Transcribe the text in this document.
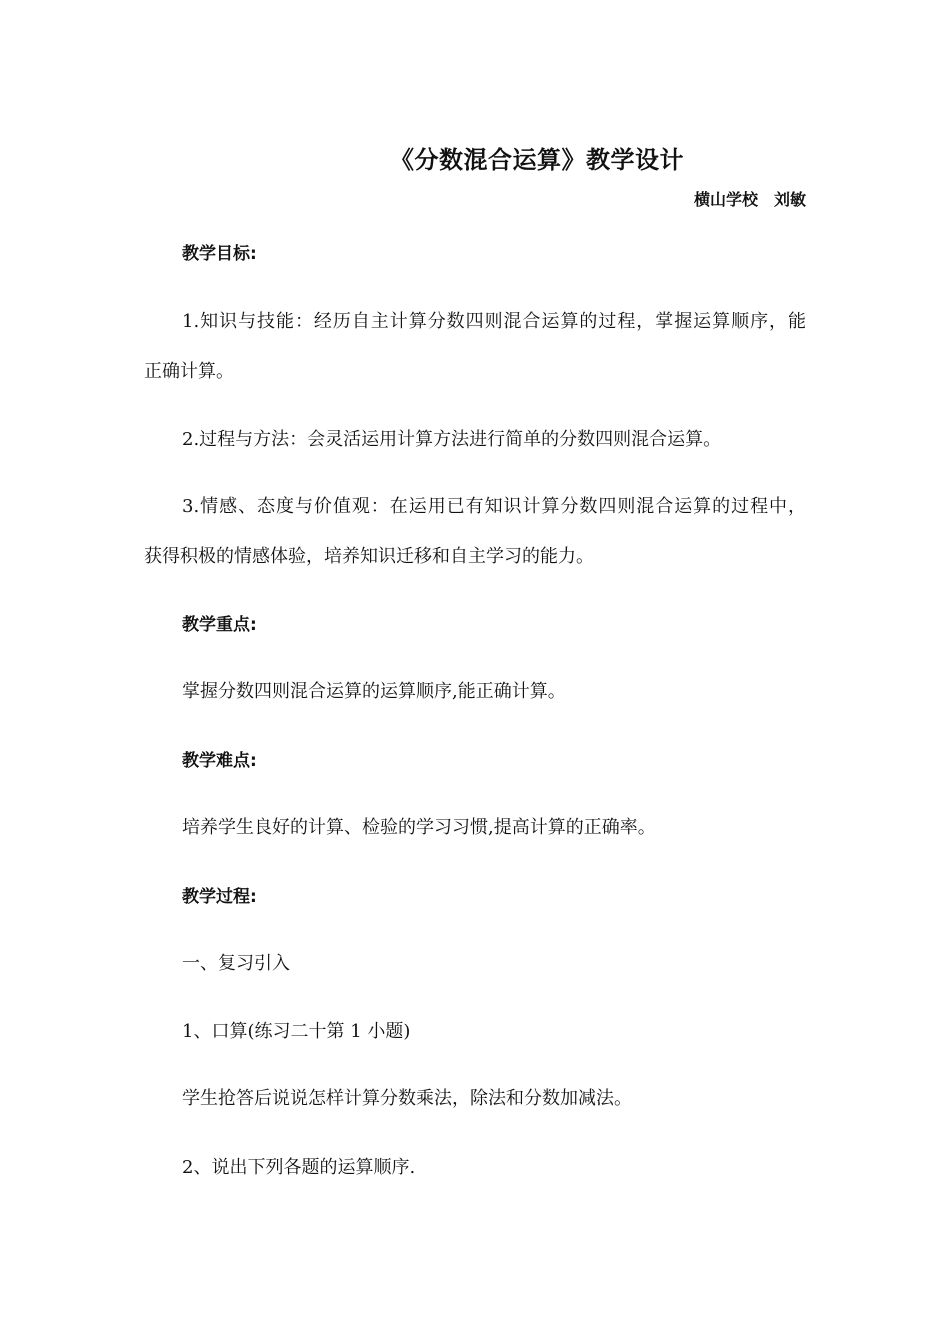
《分数混合运算》教学设计
横山学校 刘敏
教学目标:
1.知识与技能：经历自主计算分数四则混合运算的过程，掌握运算顺序，能
正确计算。
2.过程与方法：会灵活运用计算方法进行简单的分数四则混合运算。
3.情感、态度与价值观：在运用已有知识计算分数四则混合运算的过程中，
获得积极的情感体验，培养知识迁移和自主学习的能力。
教学重点:
掌握分数四则混合运算的运算顺序,能正确计算。
教学难点:
培养学生良好的计算、检验的学习习惯,提高计算的正确率。
教学过程:
一、复习引入
1、口算(练习二十第 1 小题)
学生抢答后说说怎样计算分数乘法，除法和分数加减法。
2、说出下列各题的运算顺序.
